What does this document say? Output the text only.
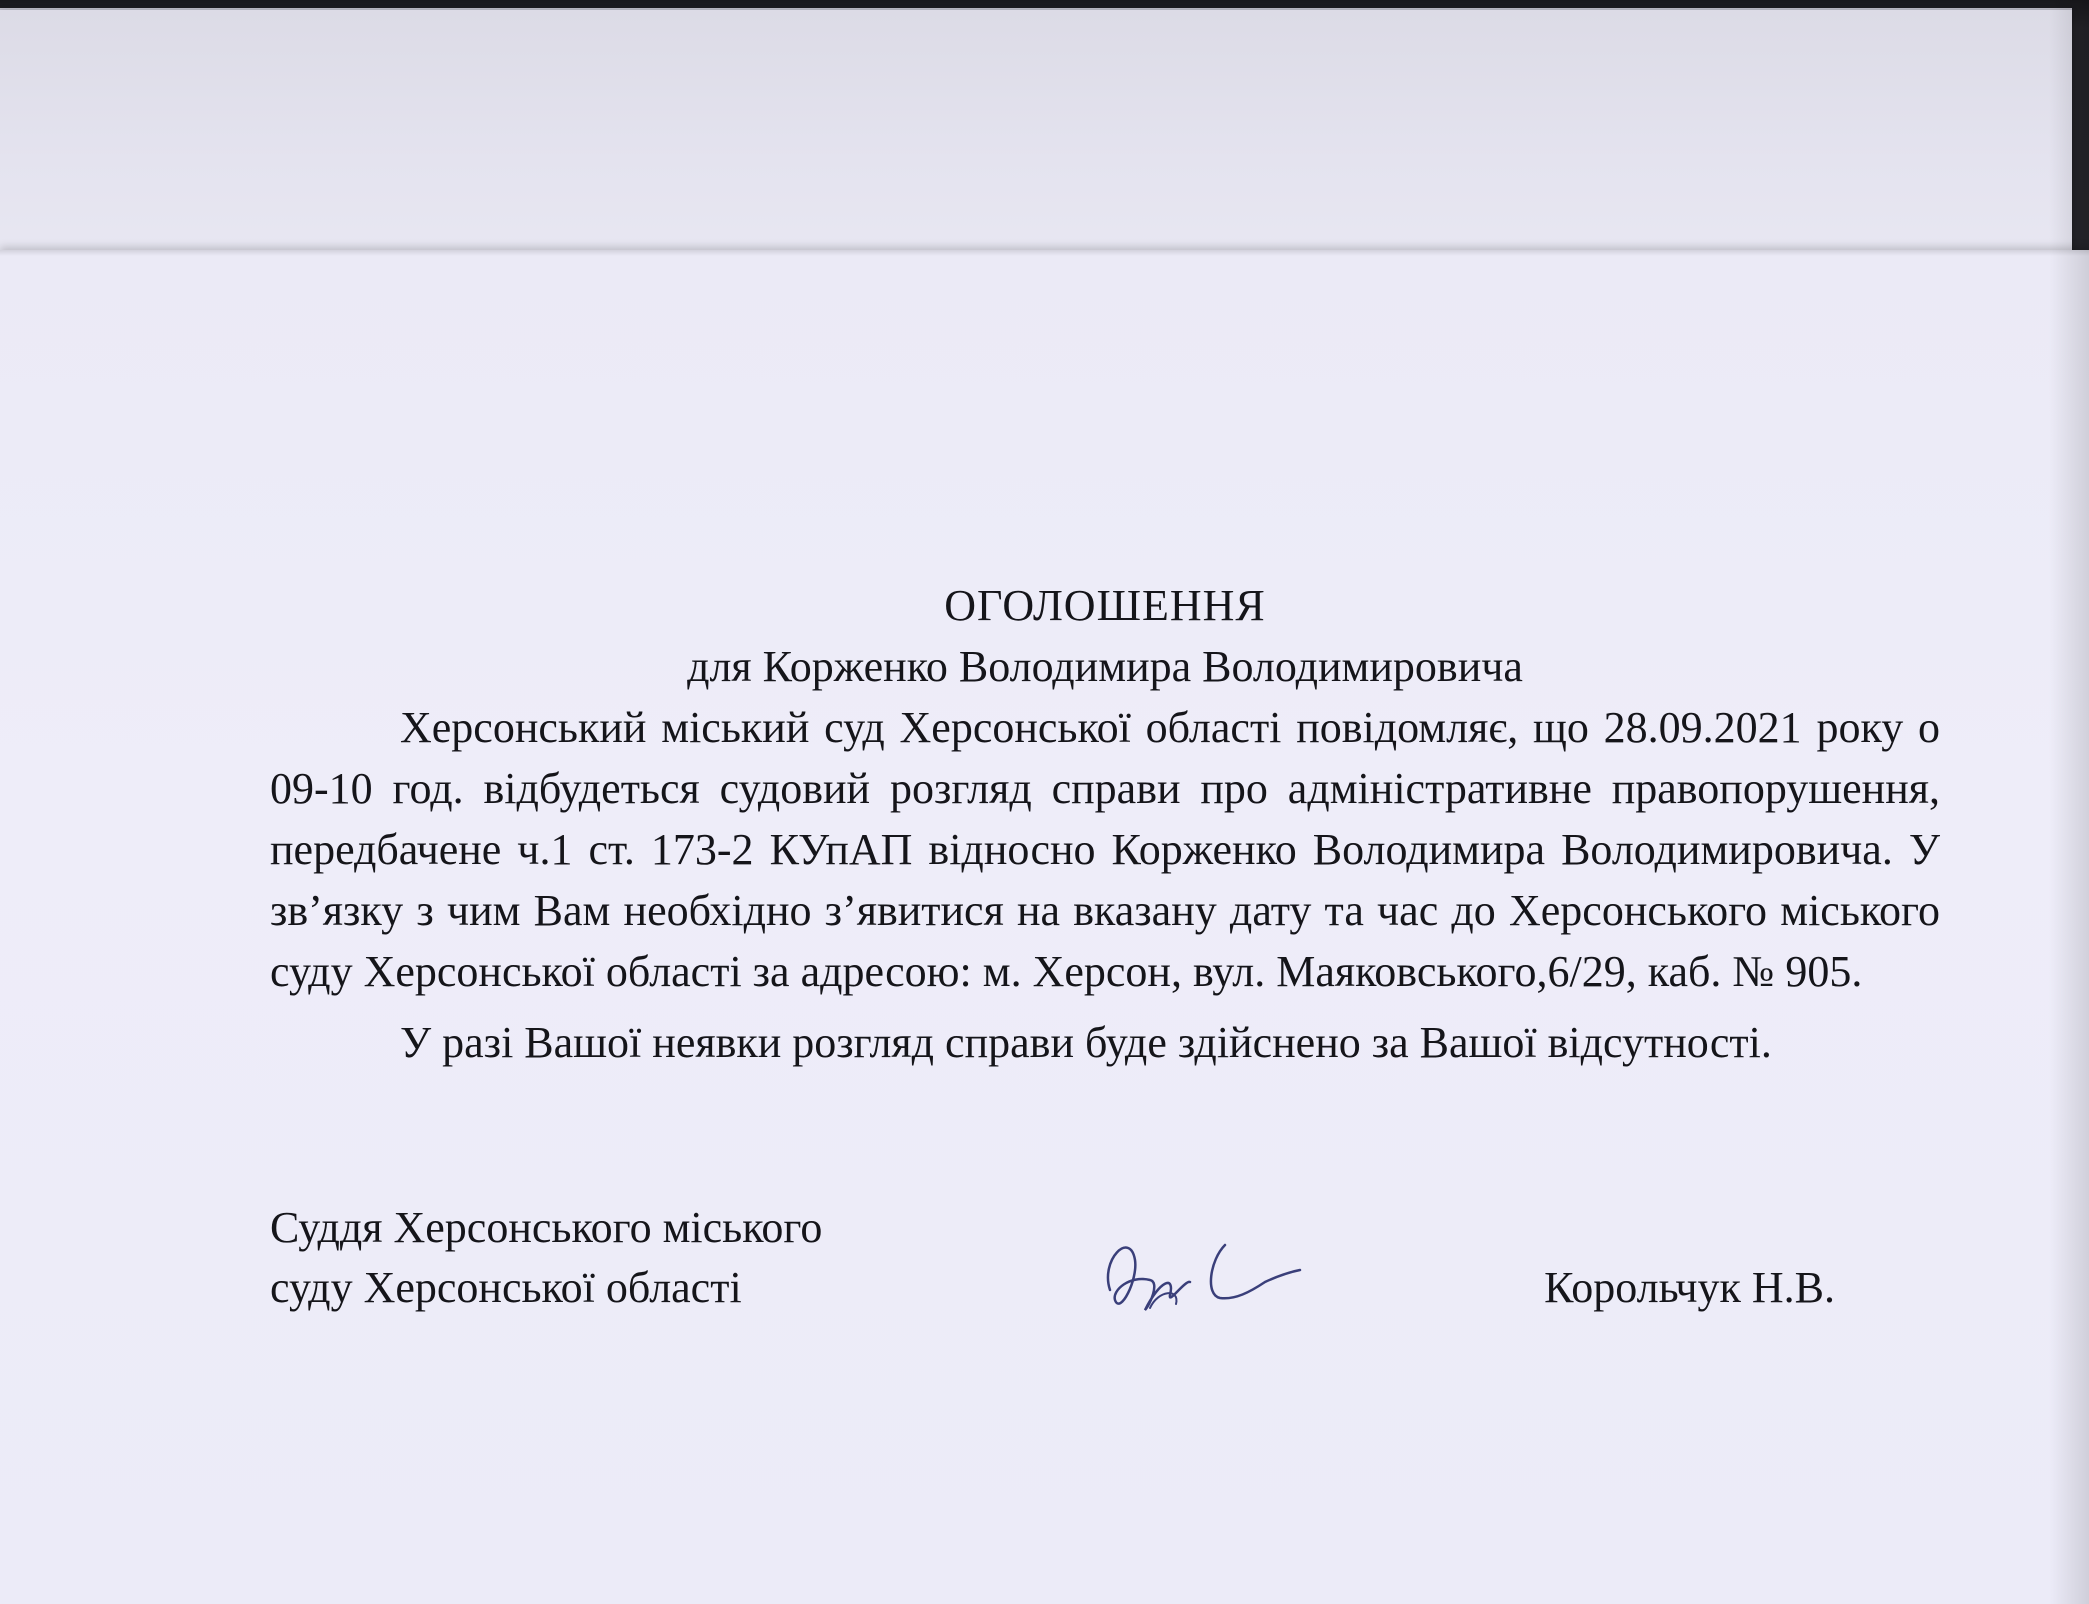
ОГОЛОШЕННЯ

для Корженко Володимира Володимировича

Херсонський міський суд Херсонської області повідомляє, що 28.09.2021 року о 09-10 год. відбудеться судовий розгляд справи про адміністративне правопорушення, передбачене ч.1 ст. 173-2 КУпАП відносно Корженко Володимира Володимировича. У зв’язку з чим Вам необхідно з’явитися на вказану дату та час до Херсонського міського суду Херсонської області за адресою: м. Херсон, вул. Маяковського,6/29, каб. № 905.

У разі Вашої неявки розгляд справи буде здійснено за Вашої відсутності.

Суддя Херсонського міського
суду Херсонської області	Корольчук Н.В.
